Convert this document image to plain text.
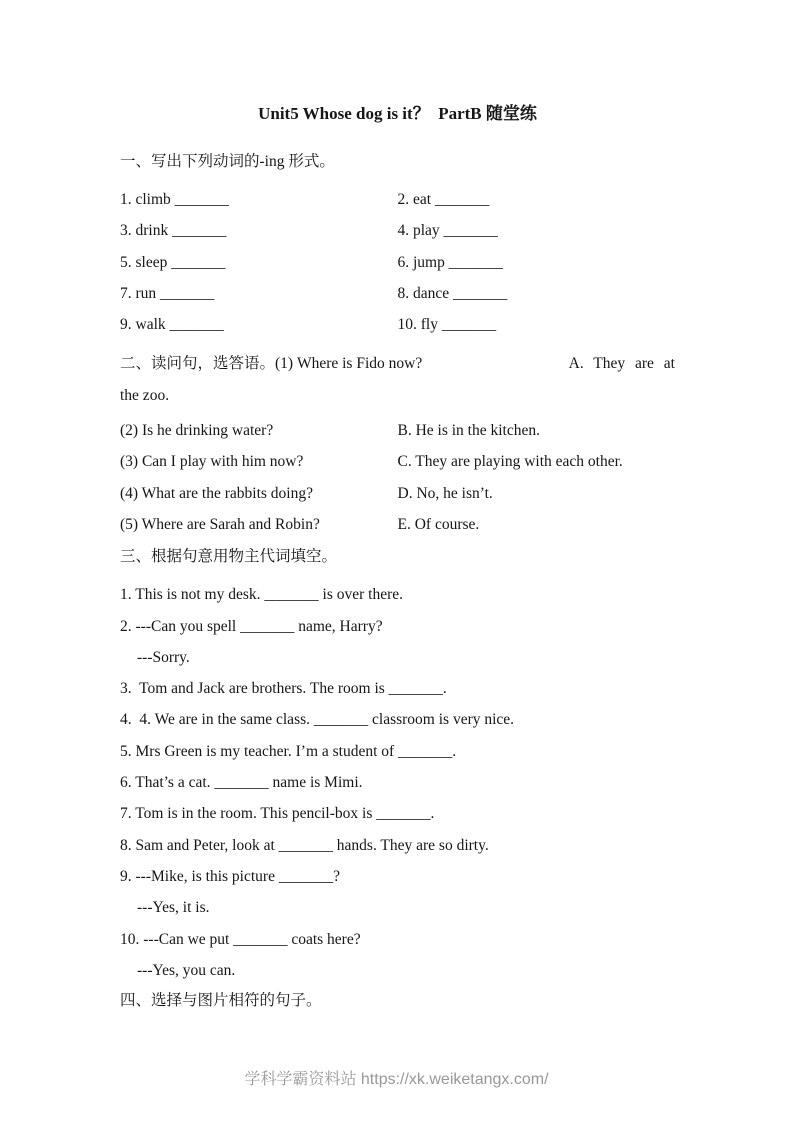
Unit5 Whose dog is it？  PartB 随堂练

一、写出下列动词的-ing 形式。

1. climb _______	2. eat _______
3. drink _______	4. play _______
5. sleep _______	6. jump _______
7. run _______	8. dance _______
9. walk _______	10. fly _______
二、读问句，选答语。(1) Where is Fido now?	A. They are at

the zoo.

(2) Is he drinking water?	B. He is in the kitchen.
(3) Can I play with him now?	C. They are playing with each other.
(4) What are the rabbits doing?	D. No, he isn’t.
(5) Where are Sarah and Robin?	E. Of course.

三、根据句意用物主代词填空。

1. This is not my desk. _______ is over there.

2. ---Can you spell _______ name, Harry?

---Sorry.

3.  Tom and Jack are brothers. The room is _______.

4.  4. We are in the same class. _______ classroom is very nice.

5. Mrs Green is my teacher. I’m a student of _______.

6. That’s a cat. _______ name is Mimi.

7. Tom is in the room. This pencil-box is _______.

8. Sam and Peter, look at _______ hands. They are so dirty.

9. ---Mike, is this picture _______?

---Yes, it is.

10. ---Can we put _______ coats here?

---Yes, you can.

四、选择与图片相符的句子。

学科学霸资料站 https://xk.weiketangx.com/
